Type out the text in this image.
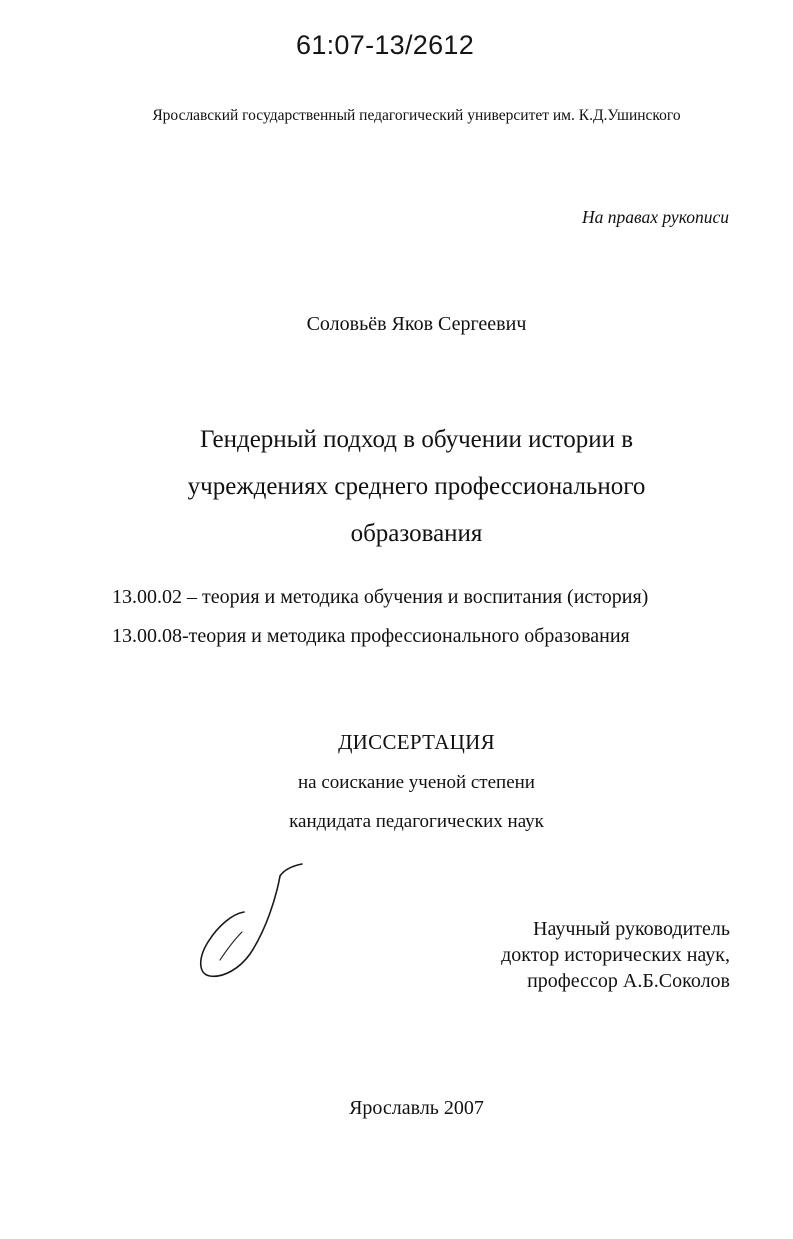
61:07-13/2612
Ярославский государственный педагогический университет им. К.Д.Ушинского
На правах рукописи
Соловьёв Яков Сергеевич
Гендерный подход в обучении истории в
учреждениях среднего профессионального
образования
13.00.02 – теория и методика обучения и воспитания (история)
13.00.08-теория и методика профессионального образования
ДИССЕРТАЦИЯ
на соискание ученой степени
кандидата педагогических наук
Научный руководитель
доктор исторических наук,
профессор А.Б.Соколов
Ярославль 2007
